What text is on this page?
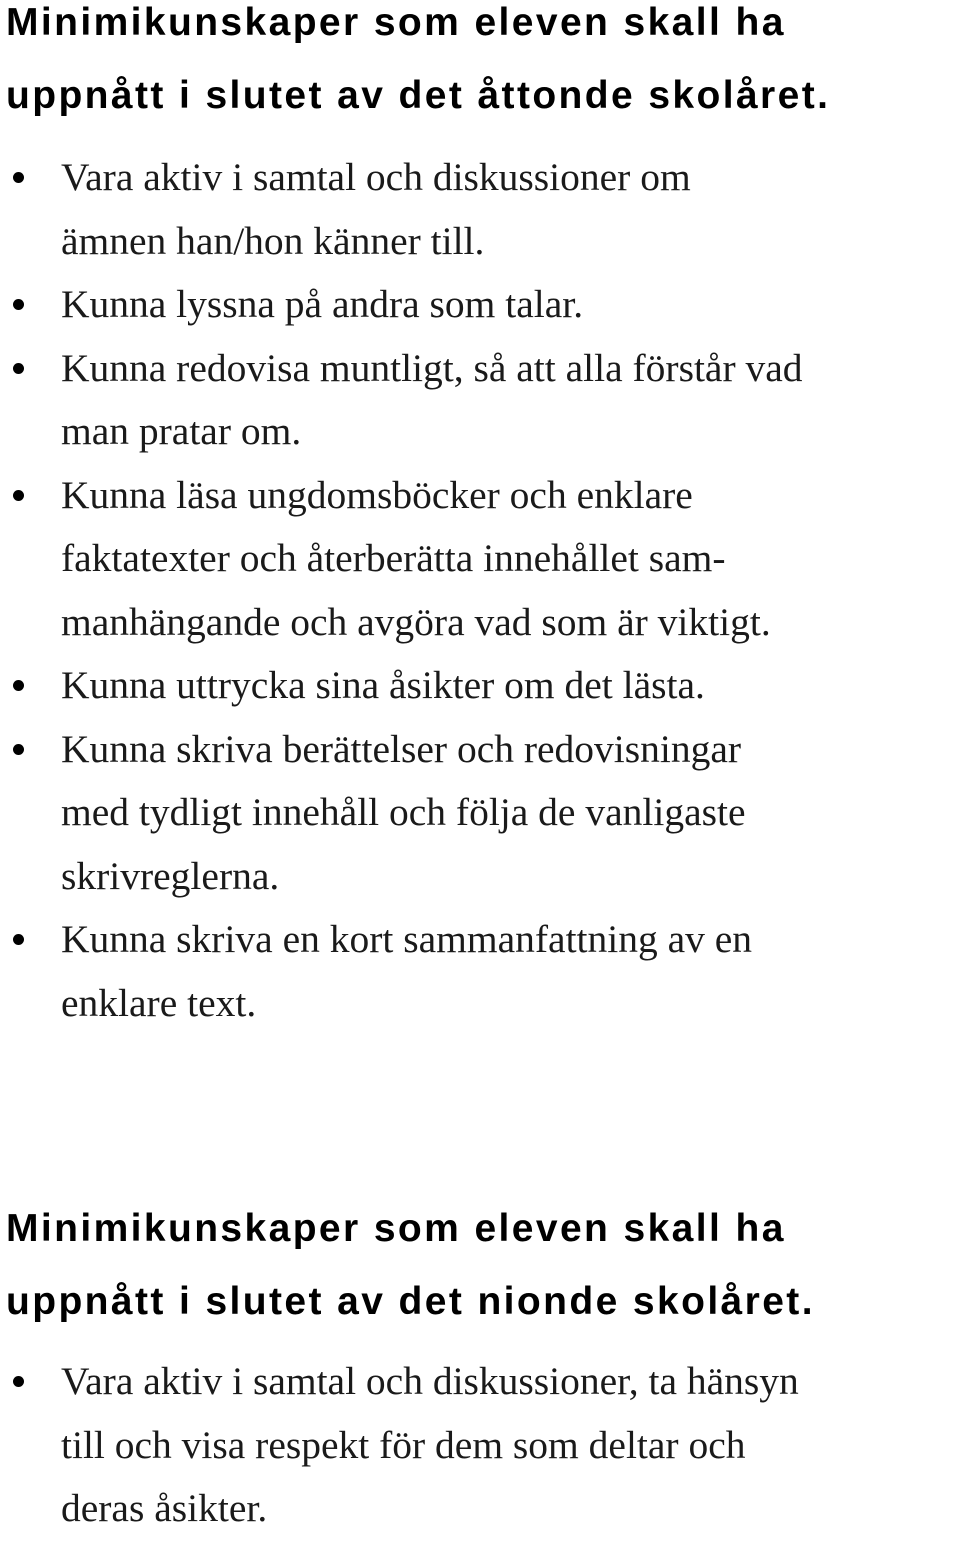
Minimikunskaper som eleven skall ha
uppnått i slutet av det åttonde skolåret.
Vara aktiv i samtal och diskussioner om
ämnen han/hon känner till.
Kunna lyssna på andra som talar.
Kunna redovisa muntligt, så att alla förstår vad
man pratar om.
Kunna läsa ungdomsböcker och enklare
faktatexter och återberätta innehållet sam-
manhängande och avgöra vad som är viktigt.
Kunna uttrycka sina åsikter om det lästa.
Kunna skriva berättelser och redovisningar
med tydligt innehåll och följa de vanligaste
skrivreglerna.
Kunna skriva en kort sammanfattning av en
enklare text.
Minimikunskaper som eleven skall ha
uppnått i slutet av det nionde skolåret.
Vara aktiv i samtal och diskussioner, ta hänsyn
till och visa respekt för dem som deltar och
deras åsikter.
